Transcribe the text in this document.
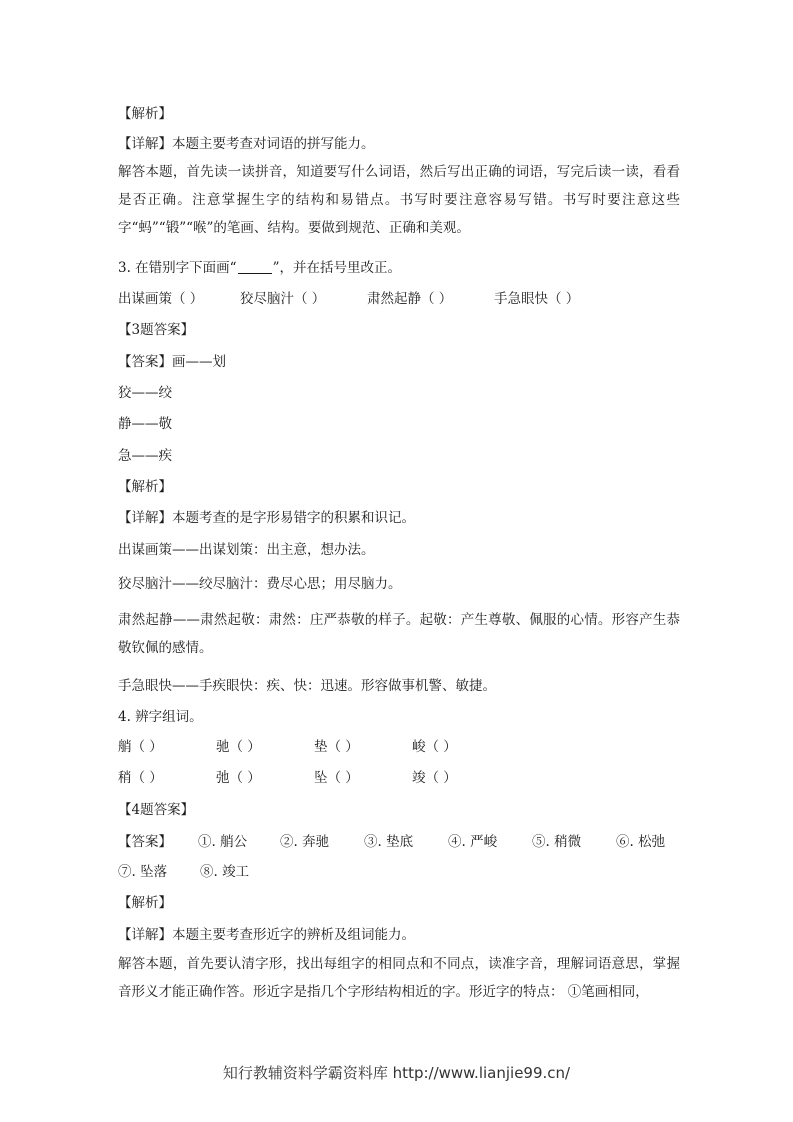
【解析】
【详解】本题主要考查对词语的拼写能力。
解答本题，首先读一读拼音，知道要写什么词语，然后写出正确的词语，写完后读一读，看看是否正确。注意掌握生字的结构和易错点。书写时要注意容易写错。书写时要注意这些字“蚂”“锻”“喉”的笔画、结构。要做到规范、正确和美观。
3. 在错别字下面画“	”，并在括号里改正。
出谋画策（ ）	狡尽脑汁（ ）	肃然起静（ ）	手急眼快（ ）
【3题答案】
【答案】画——划
狡——绞
静——敬
急——疾
【解析】
【详解】本题考查的是字形易错字的积累和识记。
出谋画策——出谋划策：出主意，想办法。
狡尽脑汁——绞尽脑汁：费尽心思；用尽脑力。
肃然起静——肃然起敬：肃然：庄严恭敬的样子。起敬：产生尊敬、佩服的心情。形容产生恭敬钦佩的感情。
手急眼快——手疾眼快：疾、快：迅速。形容做事机警、敏捷。
4. 辨字组词。
艄（ ）	驰（ ）	垫（ ）	峻（ ）
稍（ ）	弛（ ）	坠（ ）	竣（ ）
【4题答案】
【答案】	①. 艄公	②. 奔驰	③. 垫底	④. 严峻	⑤. 稍微	⑥. 松弛
⑦. 坠落	⑧. 竣工
【解析】
【详解】本题主要考查形近字的辨析及组词能力。
解答本题，首先要认清字形，找出每组字的相同点和不同点，读准字音，理解词语意思，掌握音形义才能正确作答。形近字是指几个字形结构相近的字。形近字的特点： ①笔画相同，
知行教辅资料学霸资料库 http://www.lianjie99.cn/
